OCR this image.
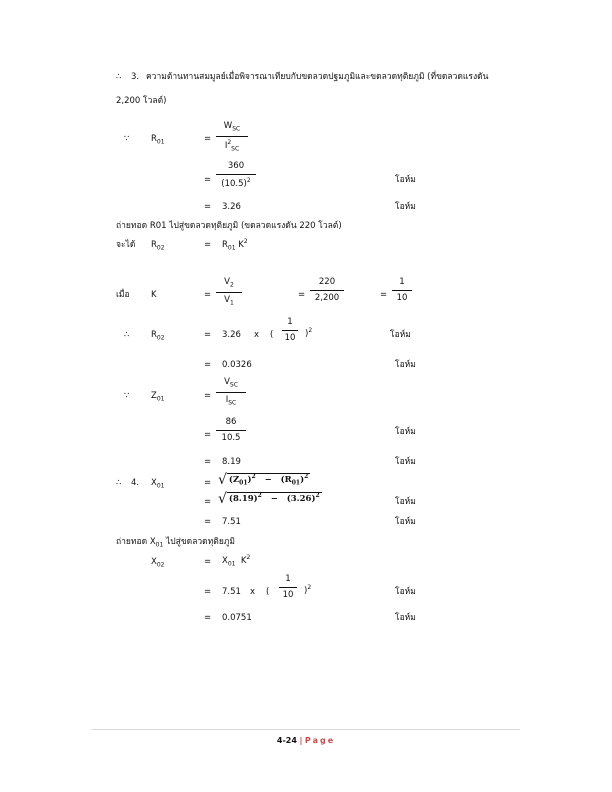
∴ 3. ความต้านทานสมมูลย์เมื่อพิจารณาเทียบกับขดลวดปฐมภูมิและขดลวดทุติยภูมิ (ที่ขดลวดแรงดัน
2,200 โวลต์)
∵	$R_{01}$	=
$W_{SC}$
$I^2_{SC}$
= $\frac{360}{(10.5)^2}$	โอห์ม
= 3.26	โอห์ม
ถ่ายทอด R01 ไปสู่ขดลวดทุติยภูมิ (ขดลวดแรงดัน 220 โวลต์)
จะได้ $R_{02}$	= $R_{01}$ $K^2$
เมื่อ	K	= $\frac{V_2}{V_1}$	= $\frac{220}{2,200}$	= $\frac{1}{10}$
∴	$R_{02}$	= 3.26 x ( $\frac{1}{10} )^2$	โอห์ม
= 0.0326	โอห์ม
∵	$Z_{01}$	=
$V_{SC}$
$I_{SC}$
= $\frac{86}{10.5}$	โอห์ม
= 8.19	โอห์ม
∴ 4. $X_{01}$	= √ $(Z_{01})^2 - (R_{01})^2$
= √ $(8.19)^2 - (3.26)^2$
โอห์ม
= 7.51	โอห์ม
ถ่ายทอด $X_{01}$ ไปสู่ขดลวดทุติยภูมิ
$X_{02}$	= $X_{01}$  $K^2$
= 7.51 x ( $\frac{1}{10} )^2$	โอห์ม
= 0.0751	โอห์ม
4-24 | Page
